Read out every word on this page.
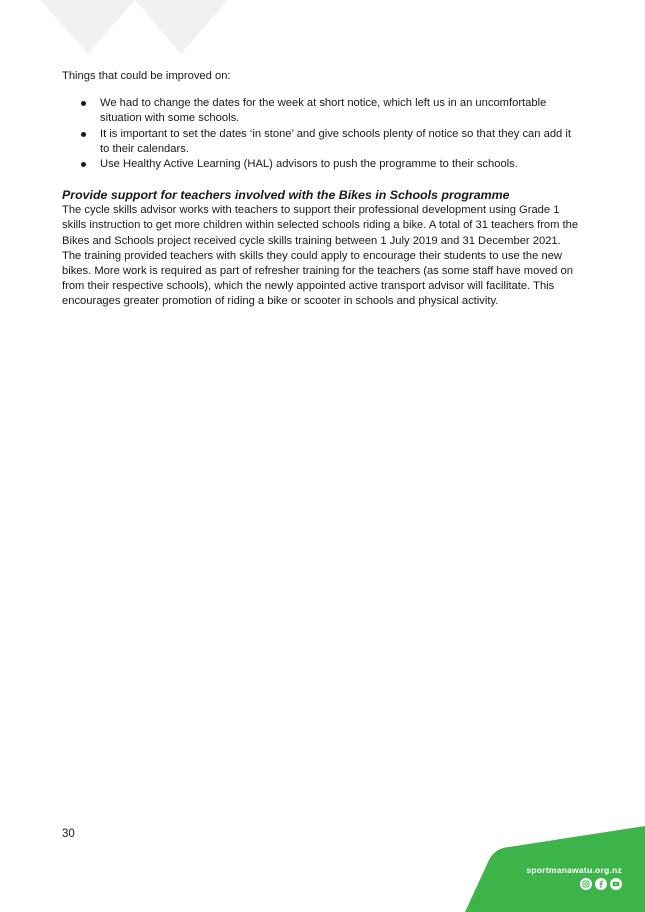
Things that could be improved on:

We had to change the dates for the week at short notice, which left us in an uncomfortable situation with some schools.
It is important to set the dates ‘in stone’ and give schools plenty of notice so that they can add it to their calendars.
Use Healthy Active Learning (HAL) advisors to push the programme to their schools.
Provide support for teachers involved with the Bikes in Schools programme

The cycle skills advisor works with teachers to support their professional development using Grade 1 skills instruction to get more children within selected schools riding a bike. A total of 31 teachers from the Bikes and Schools project received cycle skills training between 1 July 2019 and 31 December 2021. The training provided teachers with skills they could apply to encourage their students to use the new bikes. More work is required as part of refresher training for the teachers (as some staff have moved on from their respective schools), which the newly appointed active transport advisor will facilitate. This encourages greater promotion of riding a bike or scooter in schools and physical activity.

30
sportmanawatu.org.nz
